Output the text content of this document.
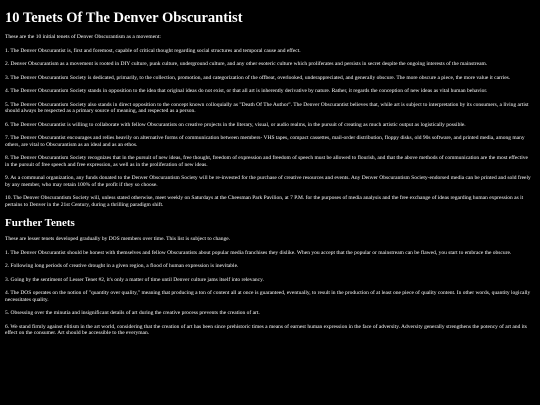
10 Tenets Of The Denver Obscurantist

These are the 10 initial tenets of Denver Obscurantism as a movement:

1 . The Denver Obscurantist is, first and foremost, capable of critical thought regarding social structures and temporal cause and effect.
2 . Denver Obscurantism as a movement is rooted in DIY culture, punk culture, underground culture, and any other esoteric culture which proliferates and persists in secret despite the ongoing interests of the mainstream.
3 . The Denver Obscurantism Society is dedicated, primarily, to the collection, promotion, and categorization of the offbeat, overlooked, underappreciated, and generally obscure. The more obscure a piece, the more value it carries.
4 . The Denver Obscurantism Society stands in opposition to the idea that original ideas do not exist, or that all art is inherently derivative by nature. Rather, it regards the conception of new ideas as vital human behavior.
5 . The Denver Obscurantism Society also stands in direct opposition to the concept known colloquially as "Death Of The Author". The Denver Obscurantist believes that, while art is subject to interpretation by its consumers, a living artist should always be respected as a primary source of meaning, and respected as a person.
6 . The Denver Obscurantist is willing to collaborate with fellow Obscurantists on creative projects in the literary, visual, or audio realms, in the pursuit of creating as much artistic output as logistically possible.
7 . The Denver Obscurantist encourages and relies heavily on alternative forms of communication between members- VHS tapes, compact cassettes, mail-order distribution, floppy disks, old 90s software, and printed media, among many others, are vital to Obscurantism as an ideal and as an ethos.
8 . The Denver Obscurantism Society recognizes that in the pursuit of new ideas, free thought, freedom of expression and freedom of speech must be allowed to flourish, and that the above methods of communication are the most effective in the pursuit of free speech and free expression, as well as in the proliferation of new ideas.
9 . As a communal organization, any funds donated to the Denver Obscurantism Society will be re-invested for the purchase of creative resources and events. Any Denver Obscurantism Society-endorsed media can be printed and sold freely by any member, who may retain 100% of the profit if they so choose.
10 . The Denver Obscurantism Society will, unless stated otherwise, meet weekly on Saturdays at the Cheesman Park Pavilion, at 7 P.M. for the purposes of media analysis and the free exchange of ideas regarding human expression as it pertains to Denver in the 21st Century, during a thrilling paradigm shift.
Further Tenets

These are lesser tenets developed gradually by DOS members over time. This list is subject to change.

1 . The Denver Obscurantist should be honest with themselves and fellow Obscurantists about popular media franchises they dislike. When you accept that the popular or mainstream can be flawed, you start to embrace the obscure.
2 . Following long periods of creative drought in a given region, a flood of human expression is inevitable.
3 . Going by the sentiment of Lesser Tenet #2, it's only a matter of time until Denver culture jams itself into relevancy.
4 . The DOS operates on the notion of "quantity over quality," meaning that producing a ton of content all at once is guaranteed, eventually, to result in the production of at least one piece of quality content. In other words, quantity logically necessitates quality.
5 . Obsessing over the minutia and insignificant details of art during the creative process prevents the creation of art.
6 . We stand firmly against elitism in the art world, considering that the creation of art has been since prehistoric times a means of earnest human expression in the face of adversity. Adversity generally strengthens the potency of art and its effect on the consumer. Art should be accessible to the everyman.
